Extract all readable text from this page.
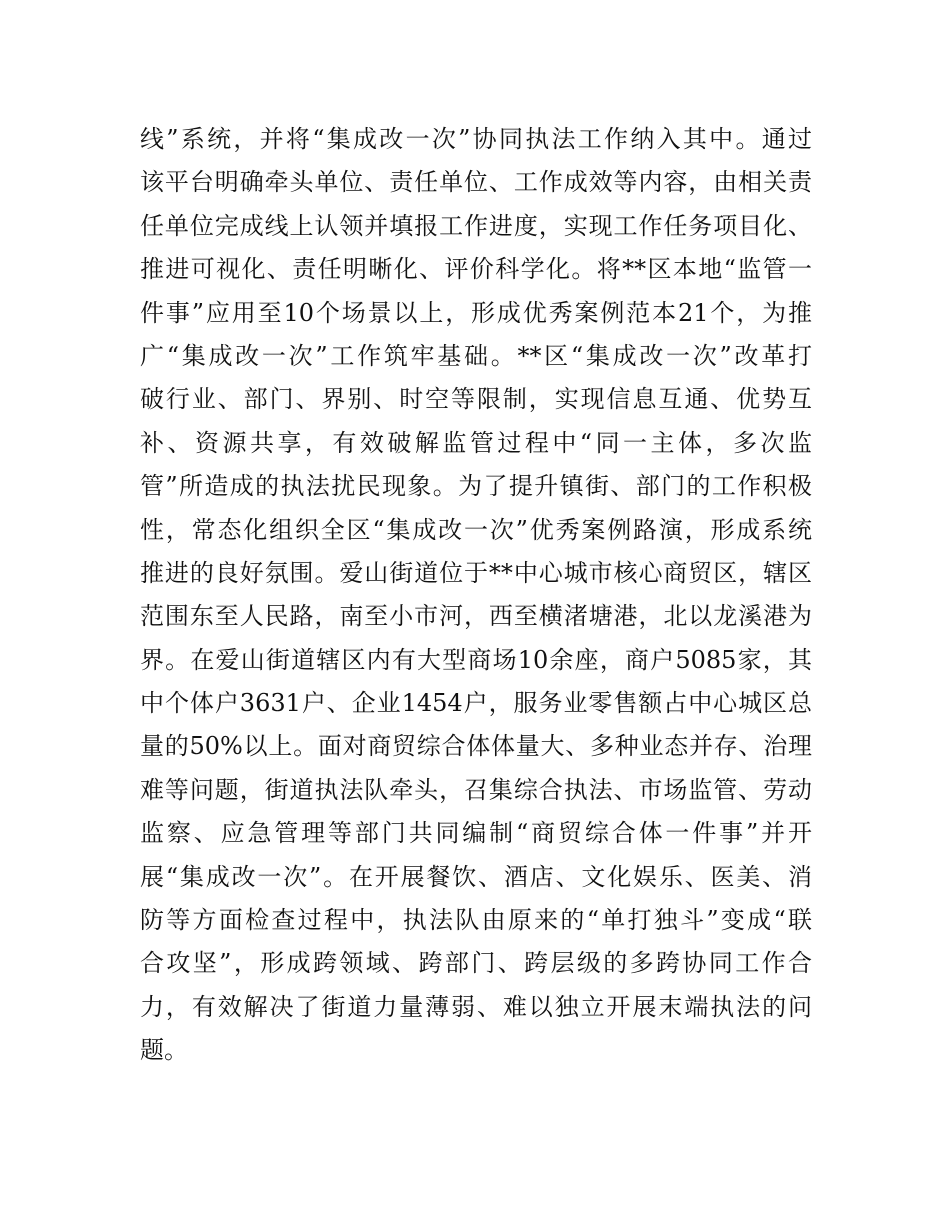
线”系统，并将“集成改一次”协同执法工作纳入其中。通过
该平台明确牵头单位、责任单位、工作成效等内容，由相关责
任单位完成线上认领并填报工作进度，实现工作任务项目化、
推进可视化、责任明晰化、评价科学化。将**区本地“监管一
件事”应用至10个场景以上，形成优秀案例范本21个，为推
广“集成改一次”工作筑牢基础。**区“集成改一次”改革打
破行业、部门、界别、时空等限制，实现信息互通、优势互
补、资源共享，有效破解监管过程中“同一主体，多次监
管”所造成的执法扰民现象。为了提升镇街、部门的工作积极
性，常态化组织全区“集成改一次”优秀案例路演，形成系统
推进的良好氛围。爱山街道位于**中心城市核心商贸区，辖区
范围东至人民路，南至小市河，西至横渚塘港，北以龙溪港为
界。在爱山街道辖区内有大型商场10余座，商户5085家，其
中个体户3631户、企业1454户，服务业零售额占中心城区总
量的50%以上。面对商贸综合体体量大、多种业态并存、治理
难等问题，街道执法队牵头，召集综合执法、市场监管、劳动
监察、应急管理等部门共同编制“商贸综合体一件事”并开
展“集成改一次”。在开展餐饮、酒店、文化娱乐、医美、消
防等方面检查过程中，执法队由原来的“单打独斗”变成“联
合攻坚”，形成跨领域、跨部门、跨层级的多跨协同工作合
力，有效解决了街道力量薄弱、难以独立开展末端执法的问
题。
